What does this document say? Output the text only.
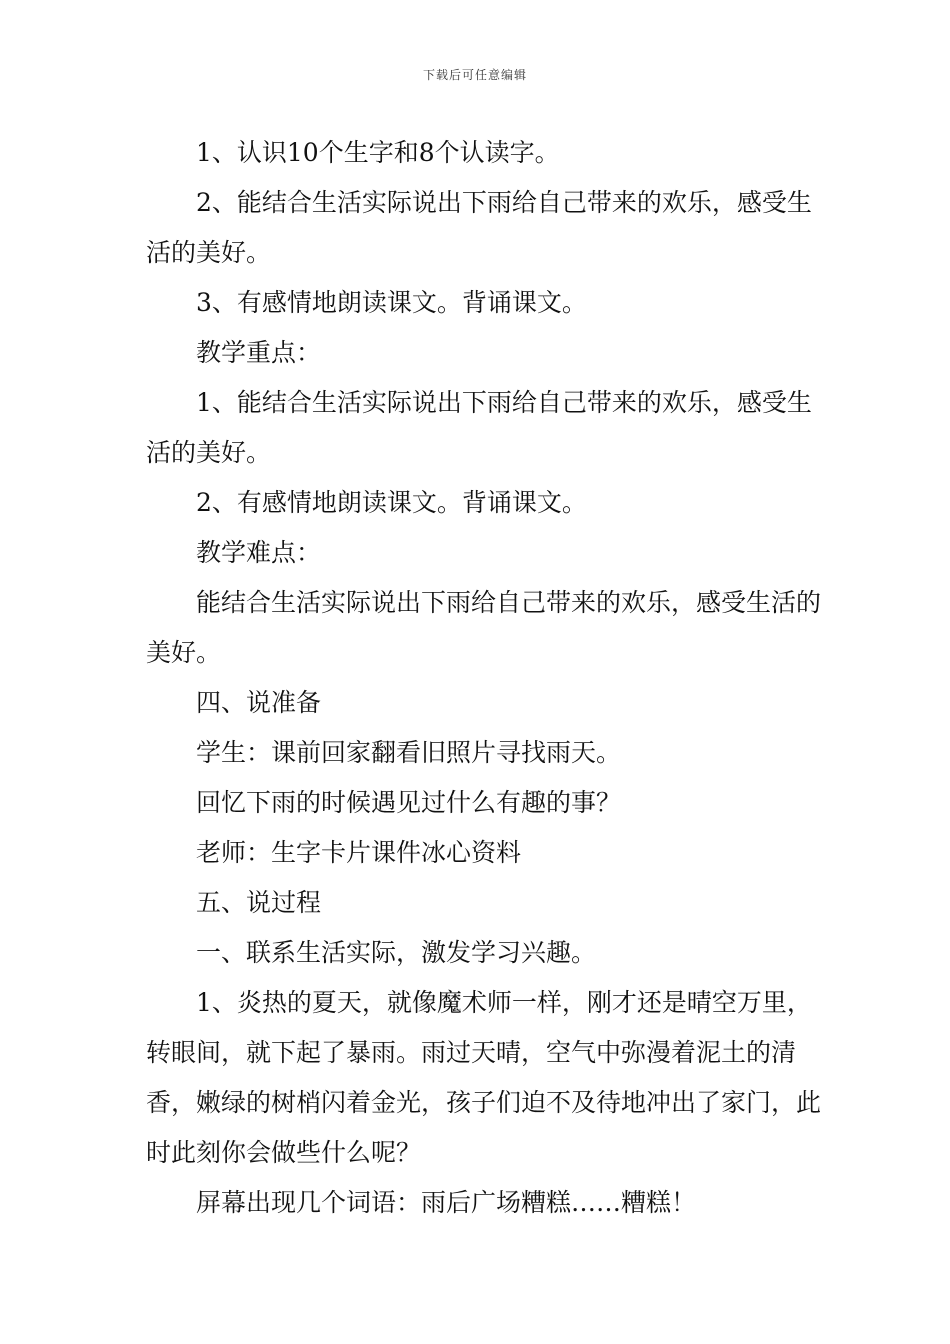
下载后可任意编辑

1、认识10个生字和8个认读字。

2、能结合生活实际说出下雨给自己带来的欢乐，感受生活的美好。

3、有感情地朗读课文。背诵课文。

教学重点：

1、能结合生活实际说出下雨给自己带来的欢乐，感受生活的美好。

2、有感情地朗读课文。背诵课文。

教学难点：

能结合生活实际说出下雨给自己带来的欢乐，感受生活的美好。

四、说准备

学生：课前回家翻看旧照片寻找雨天。

回忆下雨的时候遇见过什么有趣的事？

老师：生字卡片课件冰心资料

五、说过程

一、联系生活实际，激发学习兴趣。

1、炎热的夏天，就像魔术师一样，刚才还是晴空万里，转眼间，就下起了暴雨。雨过天晴，空气中弥漫着泥土的清香，嫩绿的树梢闪着金光，孩子们迫不及待地冲出了家门，此时此刻你会做些什么呢？

屏幕出现几个词语：雨后广场糟糕……糟糕！
